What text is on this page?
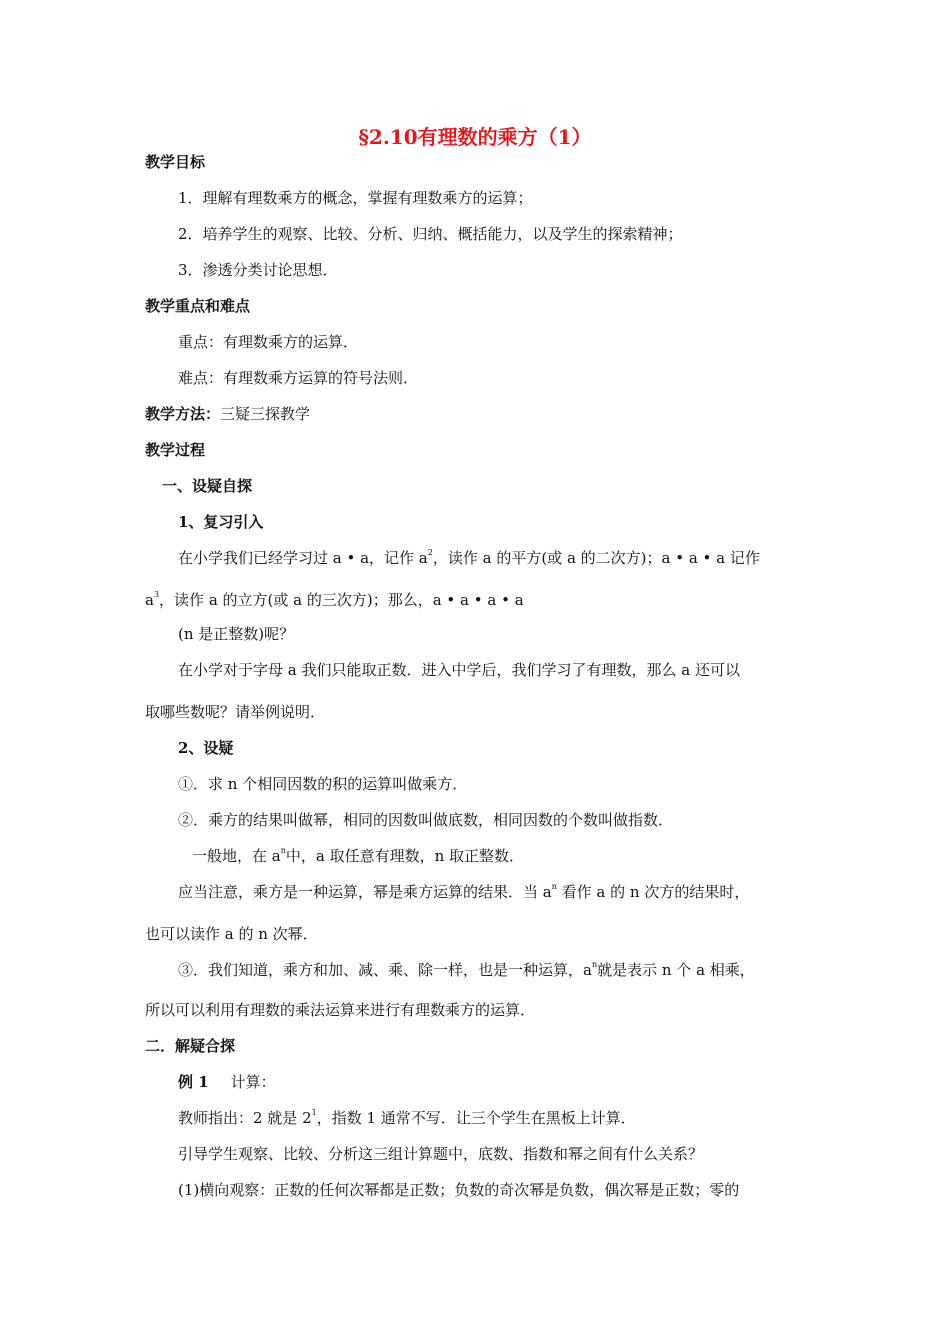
§2.10有理数的乘方（1）
教学目标
1．理解有理数乘方的概念，掌握有理数乘方的运算；
2．培养学生的观察、比较、分析、归纳、概括能力，以及学生的探索精神；
3．渗透分类讨论思想．
教学重点和难点
重点：有理数乘方的运算．
难点：有理数乘方运算的符号法则．
教学方法：三疑三探教学
教学过程
一、设疑自探
1、复习引入
在小学我们已经学习过 a • a，记作 $a^2$，读作 a 的平方(或 a 的二次方)；a • a • a 记作
$a^3$，读作 a 的立方(或 a 的三次方)；那么，a • a • a • a
(n 是正整数)呢？
在小学对于字母 a 我们只能取正数．进入中学后，我们学习了有理数，那么 a 还可以
取哪些数呢？请举例说明．
2、设疑
①．求 n 个相同因数的积的运算叫做乘方．
②．乘方的结果叫做幂，相同的因数叫做底数，相同因数的个数叫做指数．
一般地，在 $a^n$中，a 取任意有理数，n 取正整数．
应当注意，乘方是一种运算，幂是乘方运算的结果．当 $a^n$ 看作 a 的 n 次方的结果时，
也可以读作 a 的 n 次幂．
③．我们知道，乘方和加、减、乘、除一样，也是一种运算，$a^n$就是表示 n 个 a 相乘，
所以可以利用有理数的乘法运算来进行有理数乘方的运算．
二．解疑合探
例 1 计算：
教师指出：2 就是 $2^1$，指数 1 通常不写．让三个学生在黑板上计算．
引导学生观察、比较、分析这三组计算题中，底数、指数和幂之间有什么关系？
(1)横向观察：正数的任何次幂都是正数；负数的奇次幂是负数，偶次幂是正数；零的
